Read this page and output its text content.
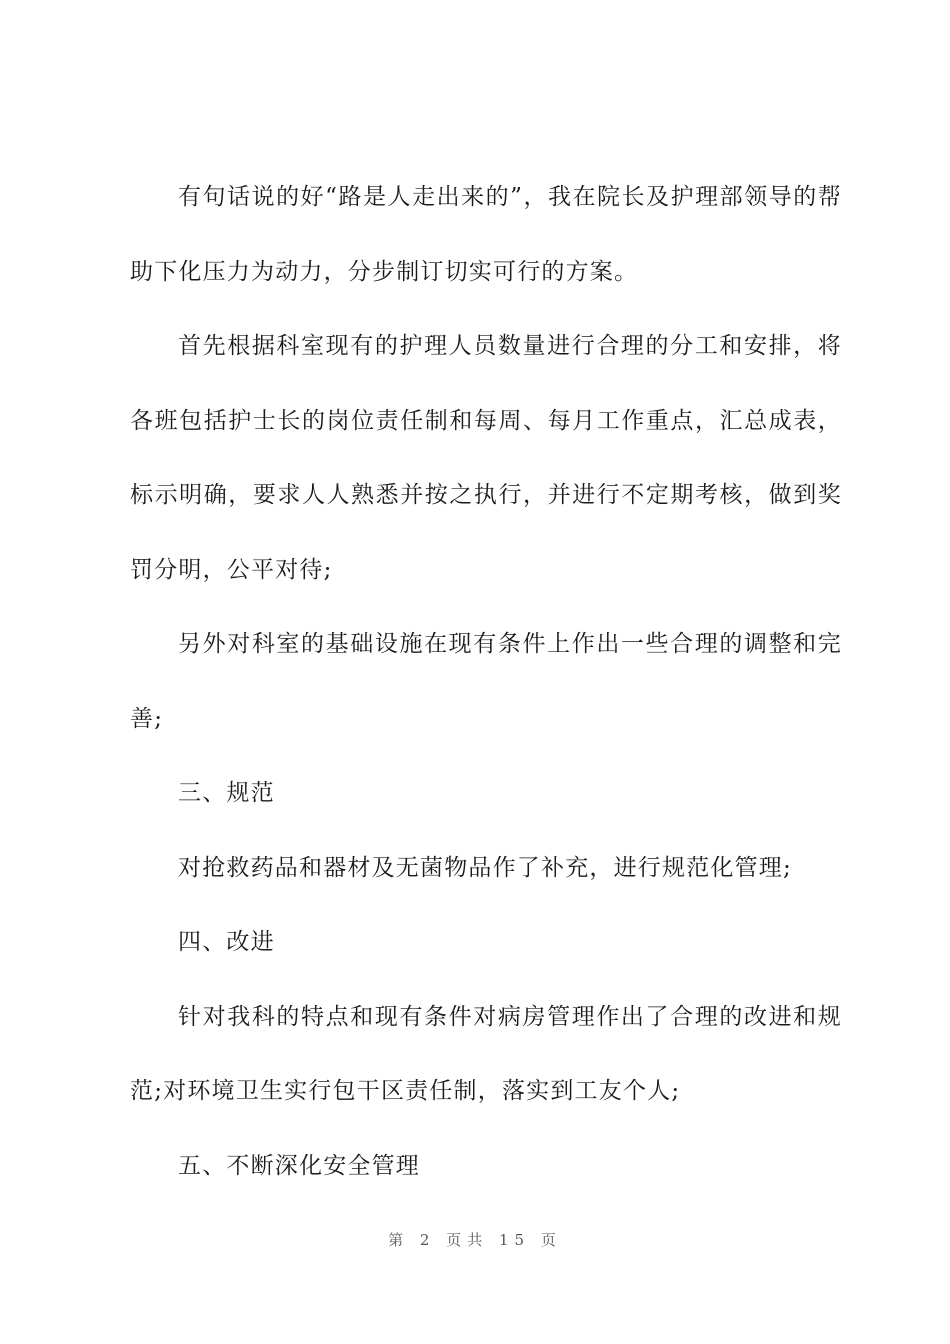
有句话说的好“路是人走出来的”，我在院长及护理部领导的帮助下化压力为动力，分步制订切实可行的方案。

首先根据科室现有的护理人员数量进行合理的分工和安排，将各班包括护士长的岗位责任制和每周、每月工作重点，汇总成表，标示明确，要求人人熟悉并按之执行，并进行不定期考核，做到奖罚分明，公平对待;

另外对科室的基础设施在现有条件上作出一些合理的调整和完善;

三、规范

对抢救药品和器材及无菌物品作了补充，进行规范化管理;

四、改进

针对我科的特点和现有条件对病房管理作出了合理的改进和规范;对环境卫生实行包干区责任制，落实到工友个人;

五、不断深化安全管理

第 2 页共 15 页
